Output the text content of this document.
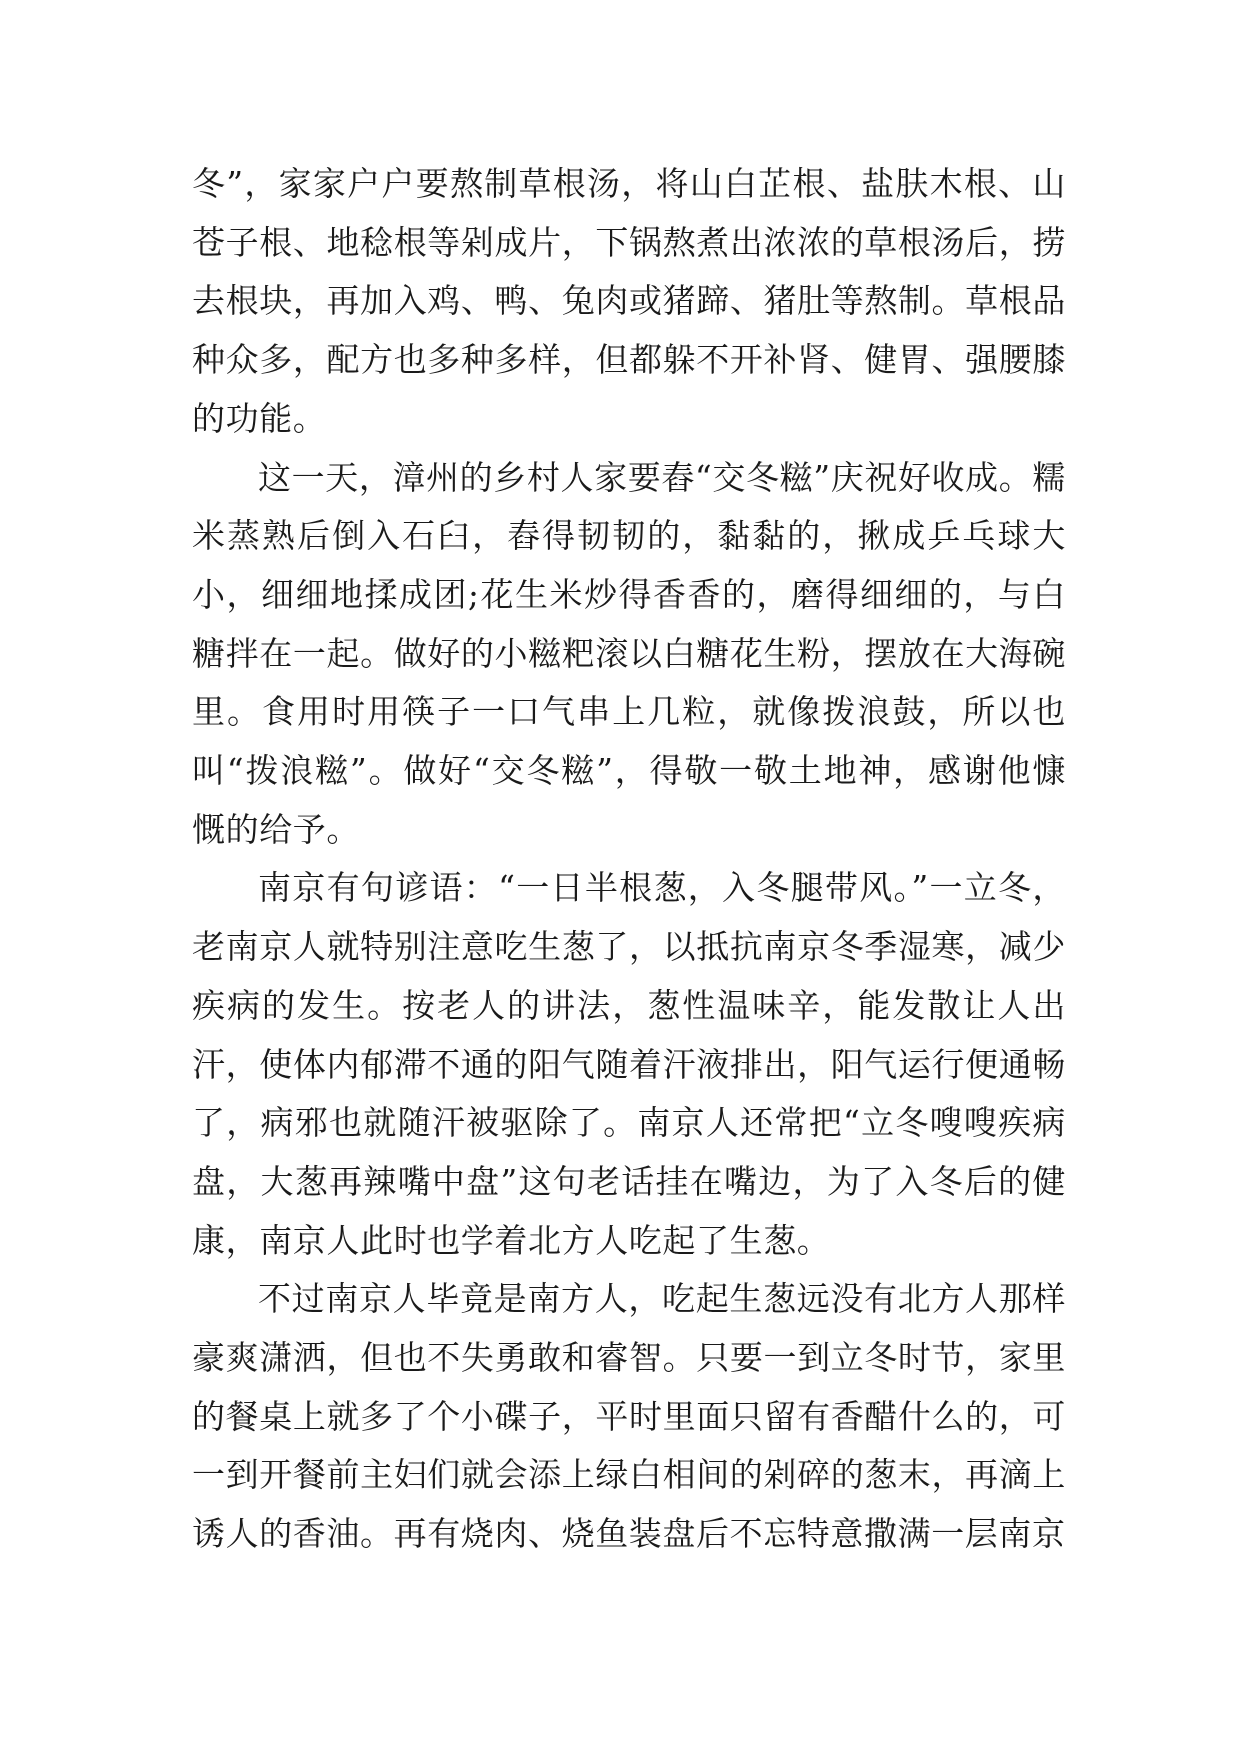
冬”，家家户户要熬制草根汤，将山白芷根、盐肤木根、山苍子根、地稔根等剁成片，下锅熬煮出浓浓的草根汤后，捞去根块，再加入鸡、鸭、兔肉或猪蹄、猪肚等熬制。草根品种众多，配方也多种多样，但都躲不开补肾、健胃、强腰膝的功能。

这一天，漳州的乡村人家要舂“交冬糍”庆祝好收成。糯米蒸熟后倒入石臼，舂得韧韧的，黏黏的，揪成乒乓球大小，细细地揉成团;花生米炒得香香的，磨得细细的，与白糖拌在一起。做好的小糍粑滚以白糖花生粉，摆放在大海碗里。食用时用筷子一口气串上几粒，就像拨浪鼓，所以也叫“拨浪糍”。做好“交冬糍”，得敬一敬土地神，感谢他慷慨的给予。

南京有句谚语：“一日半根葱，入冬腿带风。”一立冬，老南京人就特别注意吃生葱了，以抵抗南京冬季湿寒，减少疾病的发生。按老人的讲法，葱性温味辛，能发散让人出汗，使体内郁滞不通的阳气随着汗液排出，阳气运行便通畅了，病邪也就随汗被驱除了。南京人还常把“立冬嗖嗖疾病盘，大葱再辣嘴中盘”这句老话挂在嘴边，为了入冬后的健康，南京人此时也学着北方人吃起了生葱。

不过南京人毕竟是南方人，吃起生葱远没有北方人那样豪爽潇洒，但也不失勇敢和睿智。只要一到立冬时节，家里的餐桌上就多了个小碟子，平时里面只留有香醋什么的，可一到开餐前主妇们就会添上绿白相间的剁碎的葱末，再滴上诱人的香油。再有烧肉、烧鱼装盘后不忘特意撒满一层南京
